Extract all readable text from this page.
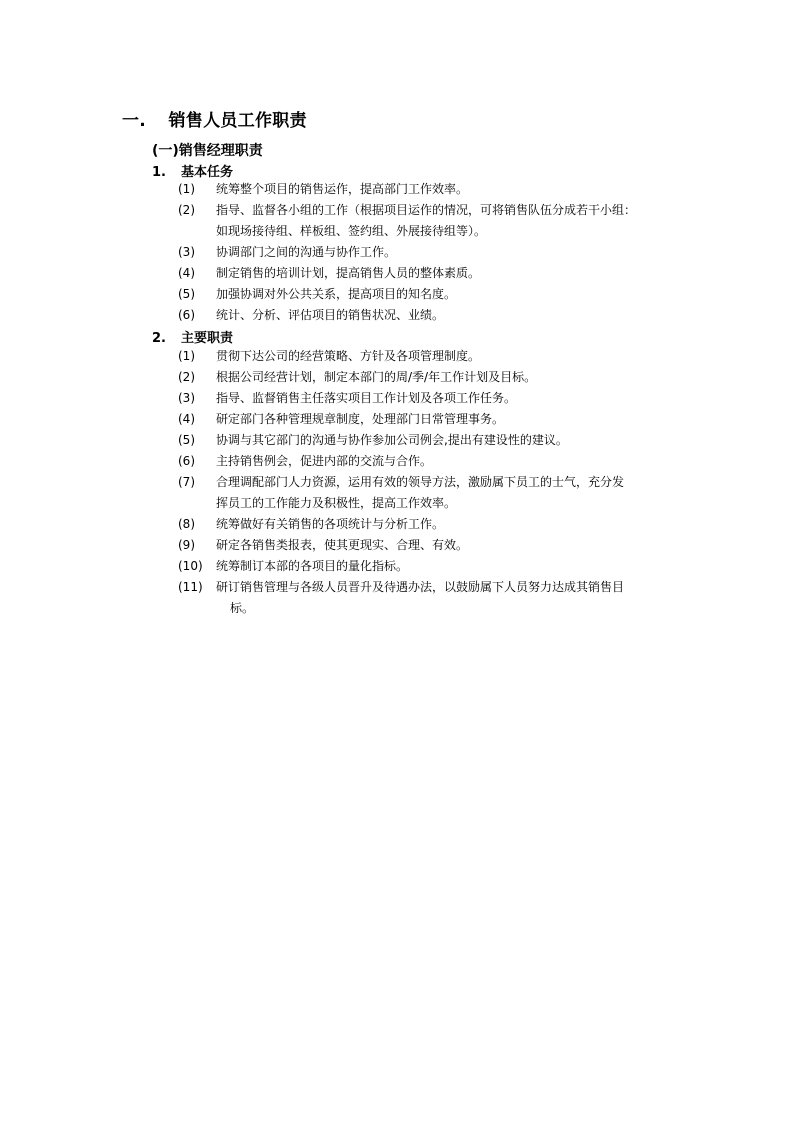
一. 销售人员工作职责
(一)销售经理职责
1. 基本任务
(1)	统筹整个项目的销售运作，提高部门工作效率。
(2)	指导、监督各小组的工作（根据项目运作的情况，可将销售队伍分成若干小组：
如现场接待组、样板组、签约组、外展接待组等）。
(3)	协调部门之间的沟通与协作工作。
(4)	制定销售的培训计划，提高销售人员的整体素质。
(5)	加强协调对外公共关系，提高项目的知名度。
(6)	统计、分析、评估项目的销售状况、业绩。
2. 主要职责
(1)	贯彻下达公司的经营策略、方针及各项管理制度。
(2)	根据公司经营计划，制定本部门的周/季/年工作计划及目标。
(3)	指导、监督销售主任落实项目工作计划及各项工作任务。
(4)	研定部门各种管理规章制度，处理部门日常管理事务。
(5)	协调与其它部门的沟通与协作参加公司例会,提出有建设性的建议。
(6)	主持销售例会，促进内部的交流与合作。
(7)	合理调配部门人力资源，运用有效的领导方法，激励属下员工的士气，充分发
挥员工的工作能力及积极性，提高工作效率。
(8)	统筹做好有关销售的各项统计与分析工作。
(9)	研定各销售类报表，使其更现实、合理、有效。
(10)	统筹制订本部的各项目的量化指标。
(11)	研订销售管理与各级人员晋升及待遇办法，以鼓励属下人员努力达成其销售目
标。
